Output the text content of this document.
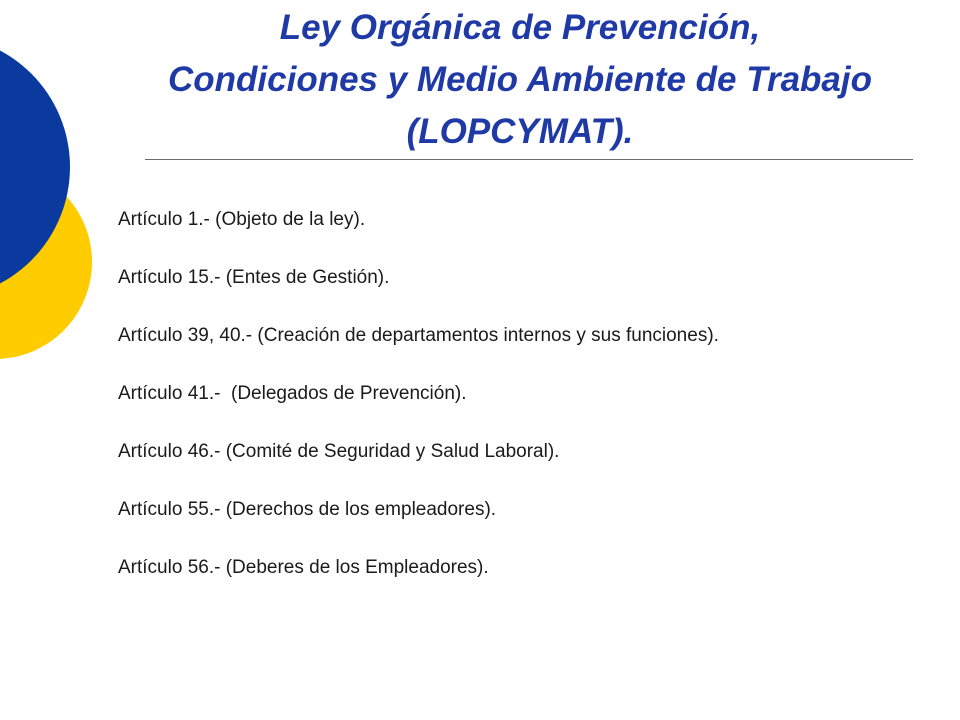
Ley Orgánica de Prevención,
Condiciones y Medio Ambiente de Trabajo
(LOPCYMAT).
Artículo 1.- (Objeto de la ley).
Artículo 15.- (Entes de Gestión).
Artículo 39, 40.- (Creación de departamentos internos y sus funciones).
Artículo 41.-  (Delegados de Prevención).
Artículo 46.- (Comité de Seguridad y Salud Laboral).
Artículo 55.- (Derechos de los empleadores).
Artículo 56.- (Deberes de los Empleadores).
